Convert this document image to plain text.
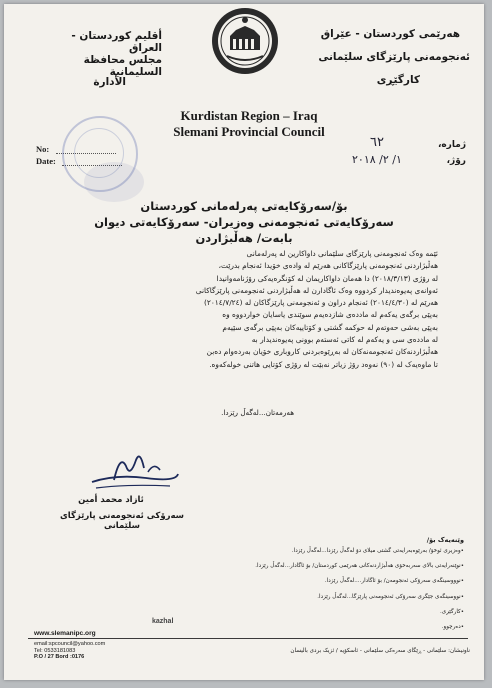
هەرێمی کوردستان - عێراق
ئەنجومەنی پارێزگای سلێمانی
کارگێڕی
أقليم كوردستان - العراق
مجلس محافظة السليمانية
الأدارة
Kurdistan Region – Iraq
Slemani Provincial Council
No:
Date:
ژمارە،
٦٢
رۆژ،
١/ ٢/ ٢٠١٨
بۆ/سەرۆکایەتی پەرلەمانی کوردستان
سەرۆکایەتی ئەنجومەنی وەزیران- سەرۆکایەتی دیوان
بابەت/ هەڵبژاردن
ئێمە وەک ئەنجومەنی پارێزگای سلێمانی داواکارین لە پەرلەمانی
هەڵبژاردنی ئەنجومەنی پارێزگاکانی هەرێم لە وادەی خۆیدا ئەنجام بدرێت،
لە رۆژی (٢٠١٨/٣/١٣) دا هەمان داواکاریمان لە کۆنگرەیەکی رۆژنامەوانیدا
ئەوانەی پەیوەندیدار کردووە وەک ئاگادارن لە هەڵبژاردنی ئەنجومەنی پارێزگاکانی
هەرێم لە (٢٠١٤/٤/٣٠) ئەنجام دراون و ئەنجومەنی پارێزگاکان لە (٢٠١٤/٧/٢٤)
بەپێی برگەی یەکەم لە ماددەی شازدەیەم سوێندی یاسایان خواردووە وە
بەپێی بەشی حەوتەم لە حوکمە گشتی و کۆتاییەکان بەپێی برگەی سێیەم
لە ماددەی سی و یەکەم لە کاتی ئەستەم بوونی پەیوەندیدار بە
هەڵبژاردنەکان ئەنجومەنەکان لە بەڕێوەبردنی کاروباری خۆیان بەردەوام دەبن
تا ماوەیەک لە (٩٠) نەوەد رۆژ زیاتر نەبێت لە رۆژی کۆتایی هاتنی خولەکەوە.
هەرمەتان...لەگەڵ رێزدا.
ئازاد محمد أمین
سەرۆکی ئەنجومەنی پارێزگای سلێمانی
وێنەیەک بۆ/
•وەزیری ئوخۆ/ بەرێوەبەرایەتی گشتی میلای دۆ لەگەڵ رێزدا...لەگەڵ رێزدا.
•نوێنەرایەتی بالای سەربەخۆی هەڵبژاردنەکانی هەرێمی کوردستان/ بۆ ئاگادار...لەگەڵ رێزدا.
•نوووسینگەی سەرۆکی ئەنجومەن/ بۆ ئاگادار....لەگەڵ رێزدا.
•نووسینگەی جێگری سەرۆکی ئەنجومەنی پارێزگا...لەگەڵ رێزدا.
•کارگێری.
•دەرچوو.
kazhal
www.slemanipc.org
email:spcouncil@yahoo.com
Tel: 0533181083
P.O / 27 Bord :0176
ناونیشان: سلێمانی - ڕێگای سەرەکی سلێمانی - ئاسکۆیە / ئزیک بردی بالیسان
